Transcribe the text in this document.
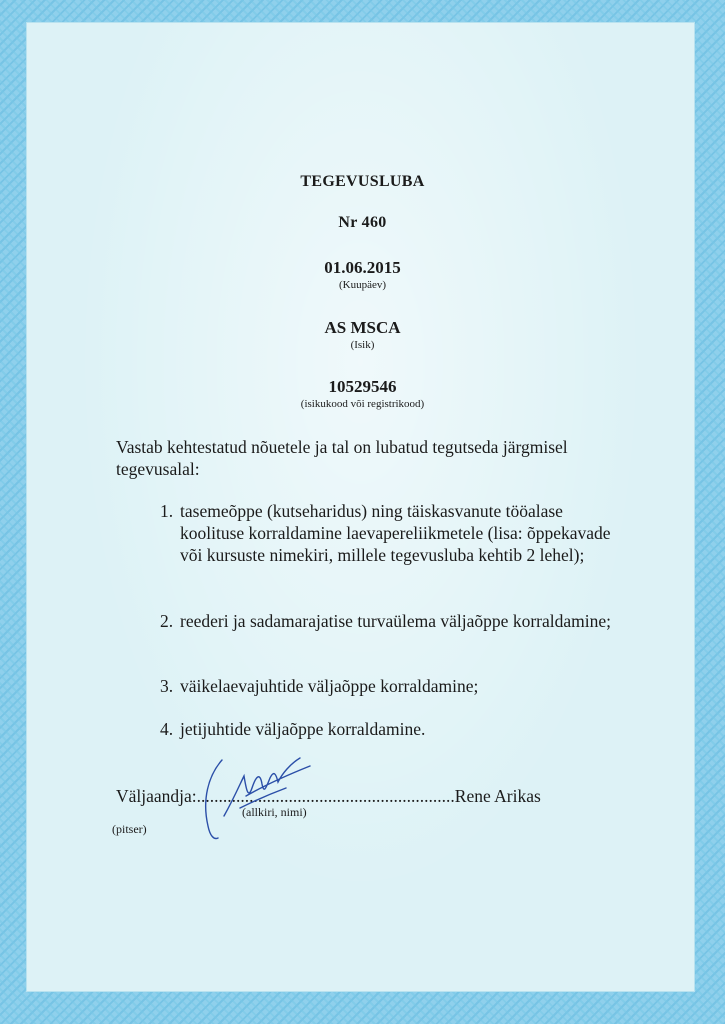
TEGEVUSLUBA
Nr 460
01.06.2015
(Kuupäev)
AS MSCA
(Isik)
10529546
(isikukood või registrikood)
Vastab kehtestatud nõuetele ja tal on lubatud tegutseda järgmisel tegevusalal:
1. tasemeõppe (kutseharidus) ning täiskasvanute tööalase koolituse korraldamine laevapereliikmetele (lisa: õppekavade või kursuste nimekiri, millele tegevusluba kehtib 2 lehel);
2. reederi ja sadamarajatise turvaülema väljaõppe korraldamine;
3. väikelaevajuhtide väljaõppe korraldamine;
4. jetijuhtide väljaõppe korraldamine.
Väljaandja:...........................................................Rene Arikas
(allkiri, nimi)
(pitser)
